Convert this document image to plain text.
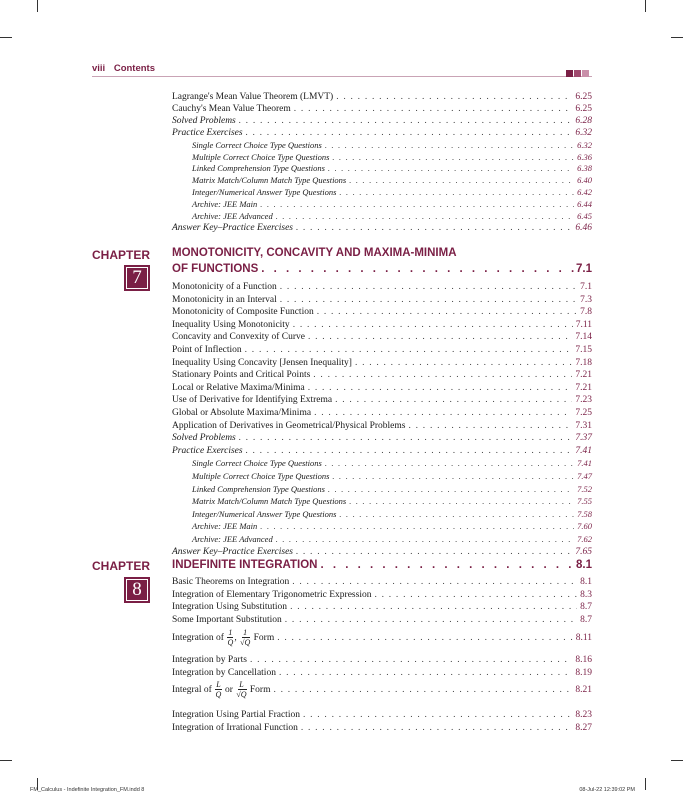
viii Contents
Lagrange's Mean Value Theorem (LMVT) . . .	6.25
Cauchy's Mean Value Theorem . . .	6.25
Solved Problems . . .	6.28
Practice Exercises . . .	6.32
Single Correct Choice Type Questions . . .	6.32
Multiple Correct Choice Type Questions . . .	6.36
Linked Comprehension Type Questions . . .	6.38
Matrix Match/Column Match Type Questions . . .	6.40
Integer/Numerical Answer Type Questions . . .	6.42
Archive: JEE Main . . .	6.44
Archive: JEE Advanced . . .	6.45
Answer Key–Practice Exercises . . .	6.46
CHAPTER
7
MONOTONICITY, CONCAVITY AND MAXIMA-MINIMA
OF FUNCTIONS . . .	7.1
Monotonicity of a Function . . .	7.1
Monotonicity in an Interval . . .	7.3
Monotonicity of Composite Function . . .	7.8
Inequality Using Monotonicity . . .	7.11
Concavity and Convexity of Curve . . .	7.14
Point of Inflection . . .	7.15
Inequality Using Concavity [Jensen Inequality] . . .	7.18
Stationary Points and Critical Points . . .	7.21
Local or Relative Maxima/Minima . . .	7.21
Use of Derivative for Identifying Extrema . . .	7.23
Global or Absolute Maxima/Minima . . .	7.25
Application of Derivatives in Geometrical/Physical Problems . . .	7.31
Solved Problems . . .	7.37
Practice Exercises . . .	7.41
Single Correct Choice Type Questions . . .	7.41
Multiple Correct Choice Type Questions . . .	7.47
Linked Comprehension Type Questions . . .	7.52
Matrix Match/Column Match Type Questions . . .	7.55
Integer/Numerical Answer Type Questions . . .	7.58
Archive: JEE Main . . .	7.60
Archive: JEE Advanced . . .	7.62
Answer Key–Practice Exercises . . .	7.65
CHAPTER
8
INDEFINITE INTEGRATION . . .	8.1
Basic Theorems on Integration . . .	8.1
Integration of Elementary Trigonometric Expression . . .	8.3
Integration Using Substitution . . .	8.7
Some Important Substitution . . .	8.7
Integration of $\frac{1}{Q}$ , $\frac{1}{√Q}$ Form . . .	8.11
Integration by Parts . . .	8.16
Integration by Cancellation . . .	8.19
Integral of $\frac{L}{Q}$ or $\frac{L}{√Q}$ Form . . .	8.21
Integration Using Partial Fraction . . .	8.23
Integration of Irrational Function . . .	8.27
FM_Calculus - Indefinite Integration_FM.indd 8	08-Jul-22 12:39:02 PM
